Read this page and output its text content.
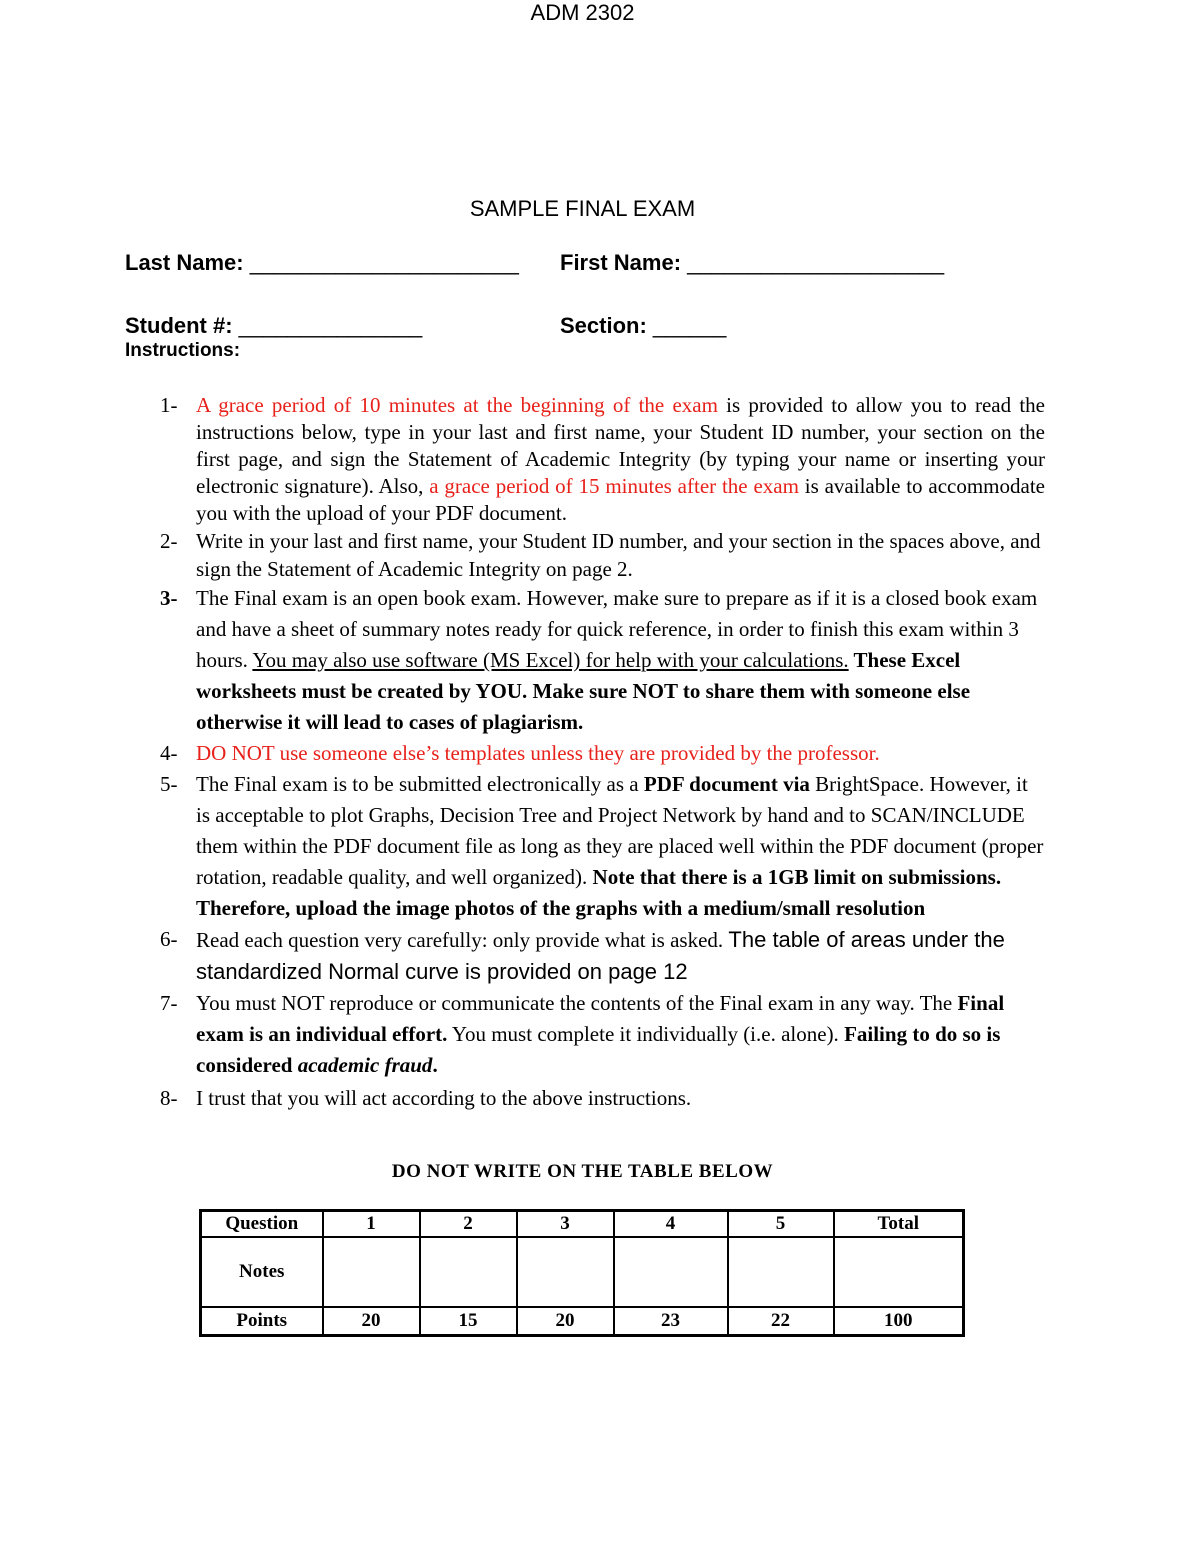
ADM 2302
SAMPLE FINAL EXAM
Last Name: ______________________ First Name: _____________________
Student #: _______________	Section: ______
Instructions:
1- A grace period of 10 minutes at the beginning of the exam is provided to allow you to read the instructions below, type in your last and first name, your Student ID number, your section on the first page, and sign the Statement of Academic Integrity (by typing your name or inserting your electronic signature). Also, a grace period of 15 minutes after the exam is available to accommodate you with the upload of your PDF document.
2- Write in your last and first name, your Student ID number, and your section in the spaces above, and sign the Statement of Academic Integrity on page 2.
3- The Final exam is an open book exam. However, make sure to prepare as if it is a closed book exam and have a sheet of summary notes ready for quick reference, in order to finish this exam within 3 hours. You may also use software (MS Excel) for help with your calculations. These Excel worksheets must be created by YOU. Make sure NOT to share them with someone else otherwise it will lead to cases of plagiarism.
4- DO NOT use someone else’s templates unless they are provided by the professor.
5- The Final exam is to be submitted electronically as a PDF document via BrightSpace. However, it is acceptable to plot Graphs, Decision Tree and Project Network by hand and to SCAN/INCLUDE them within the PDF document file as long as they are placed well within the PDF document (proper rotation, readable quality, and well organized). Note that there is a 1GB limit on submissions. Therefore, upload the image photos of the graphs with a medium/small resolution
6- Read each question very carefully: only provide what is asked. The table of areas under the standardized Normal curve is provided on page 12
7- You must NOT reproduce or communicate the contents of the Final exam in any way. The Final exam is an individual effort. You must complete it individually (i.e. alone). Failing to do so is considered academic fraud.
8- I trust that you will act according to the above instructions.
DO NOT WRITE ON THE TABLE BELOW
Question	1	2	3	4	5	Total
Notes						
Points	20	15	20	23	22	100
